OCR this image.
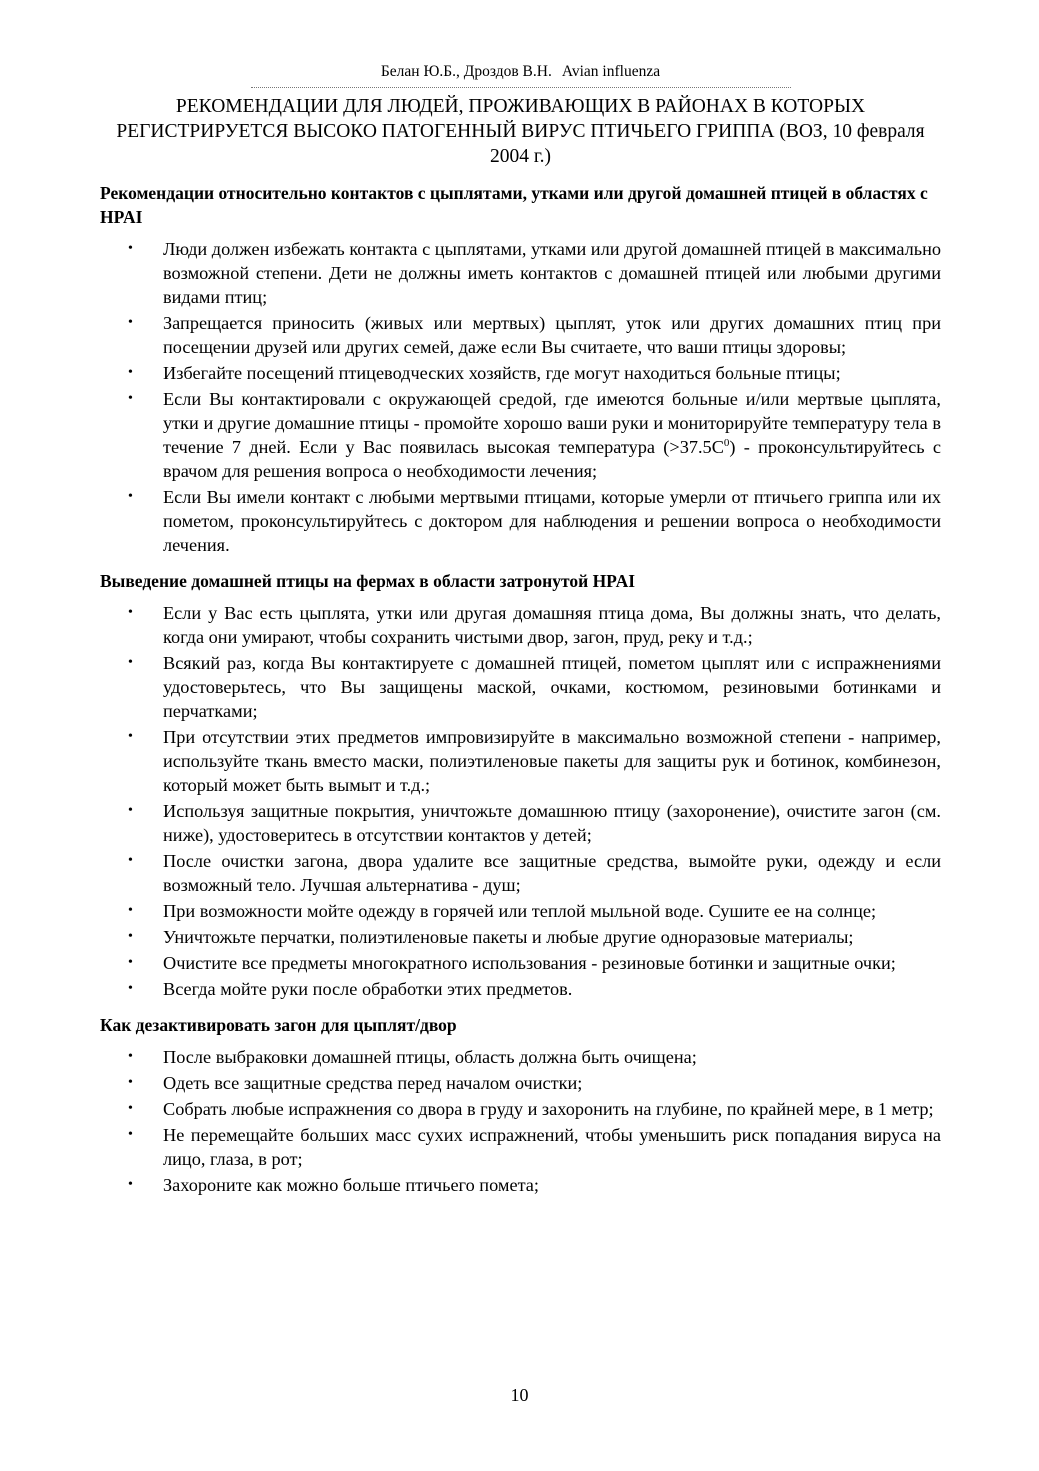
Белан Ю.Б., Дроздов В.Н. Avian influenza
РЕКОМЕНДАЦИИ ДЛЯ ЛЮДЕЙ, ПРОЖИВАЮЩИХ В РАЙОНАХ В КОТОРЫХ РЕГИСТРИРУЕТСЯ ВЫСОКО ПАТОГЕННЫЙ ВИРУС ПТИЧЬЕГО ГРИППА (ВОЗ, 10 февраля 2004 г.)
Рекомендации относительно контактов с цыплятами, утками или другой домашней птицей в областях с HPAI
• Люди должен избежать контакта с цыплятами, утками или другой домашней птицей в максимально возможной степени. Дети не должны иметь контактов с домашней птицей или любыми другими видами птиц;
• Запрещается приносить (живых или мертвых) цыплят, уток или других домашних птиц при посещении друзей или других семей, даже если Вы считаете, что ваши птицы здоровы;
• Избегайте посещений птицеводческих хозяйств, где могут находиться больные птицы;
• Если Вы контактировали с окружающей средой, где имеются больные и/или мертвые цыплята, утки и другие домашние птицы - промойте хорошо ваши руки и мониторируйте температуру тела в течение 7 дней. Если у Вас появилась высокая температура $(>37.5C^0)$ - проконсультируйтесь с врачом для решения вопроса о необходимости лечения;
• Если Вы имели контакт с любыми мертвыми птицами, которые умерли от птичьего гриппа или их пометом, проконсультируйтесь с доктором для наблюдения и решении вопроса о необходимости лечения.
Выведение домашней птицы на фермах в области затронутой HPAI
• Если у Вас есть цыплята, утки или другая домашняя птица дома, Вы должны знать, что делать, когда они умирают, чтобы сохранить чистыми двор, загон, пруд, реку и т.д.;
• Всякий раз, когда Вы контактируете с домашней птицей, пометом цыплят или с испражнениями удостоверьтесь, что Вы защищены маской, очками, костюмом, резиновыми ботинками и перчатками;
• При отсутствии этих предметов импровизируйте в максимально возможной степени - например, используйте ткань вместо маски, полиэтиленовые пакеты для защиты рук и ботинок, комбинезон, который может быть вымыт и т.д.;
• Используя защитные покрытия, уничтожьте домашнюю птицу (захоронение), очистите загон (см. ниже), удостоверитесь в отсутствии контактов у детей;
• После очистки загона, двора удалите все защитные средства, вымойте руки, одежду и если возможный тело. Лучшая альтернатива - душ;
• При возможности мойте одежду в горячей или теплой мыльной воде. Сушите ее на солнце;
• Уничтожьте перчатки, полиэтиленовые пакеты и любые другие одноразовые материалы;
• Очистите все предметы многократного использования - резиновые ботинки и защитные очки;
• Всегда мойте руки после обработки этих предметов.
Как дезактивировать загон для цыплят/двор
• После выбраковки домашней птицы, область должна быть очищена;
• Одеть все защитные средства перед началом очистки;
• Собрать любые испражнения со двора в груду и захоронить на глубине, по крайней мере, в 1 метр;
• Не перемещайте больших масс сухих испражнений, чтобы уменьшить риск попадания вируса на лицо, глаза, в рот;
• Захороните как можно больше птичьего помета;
10
